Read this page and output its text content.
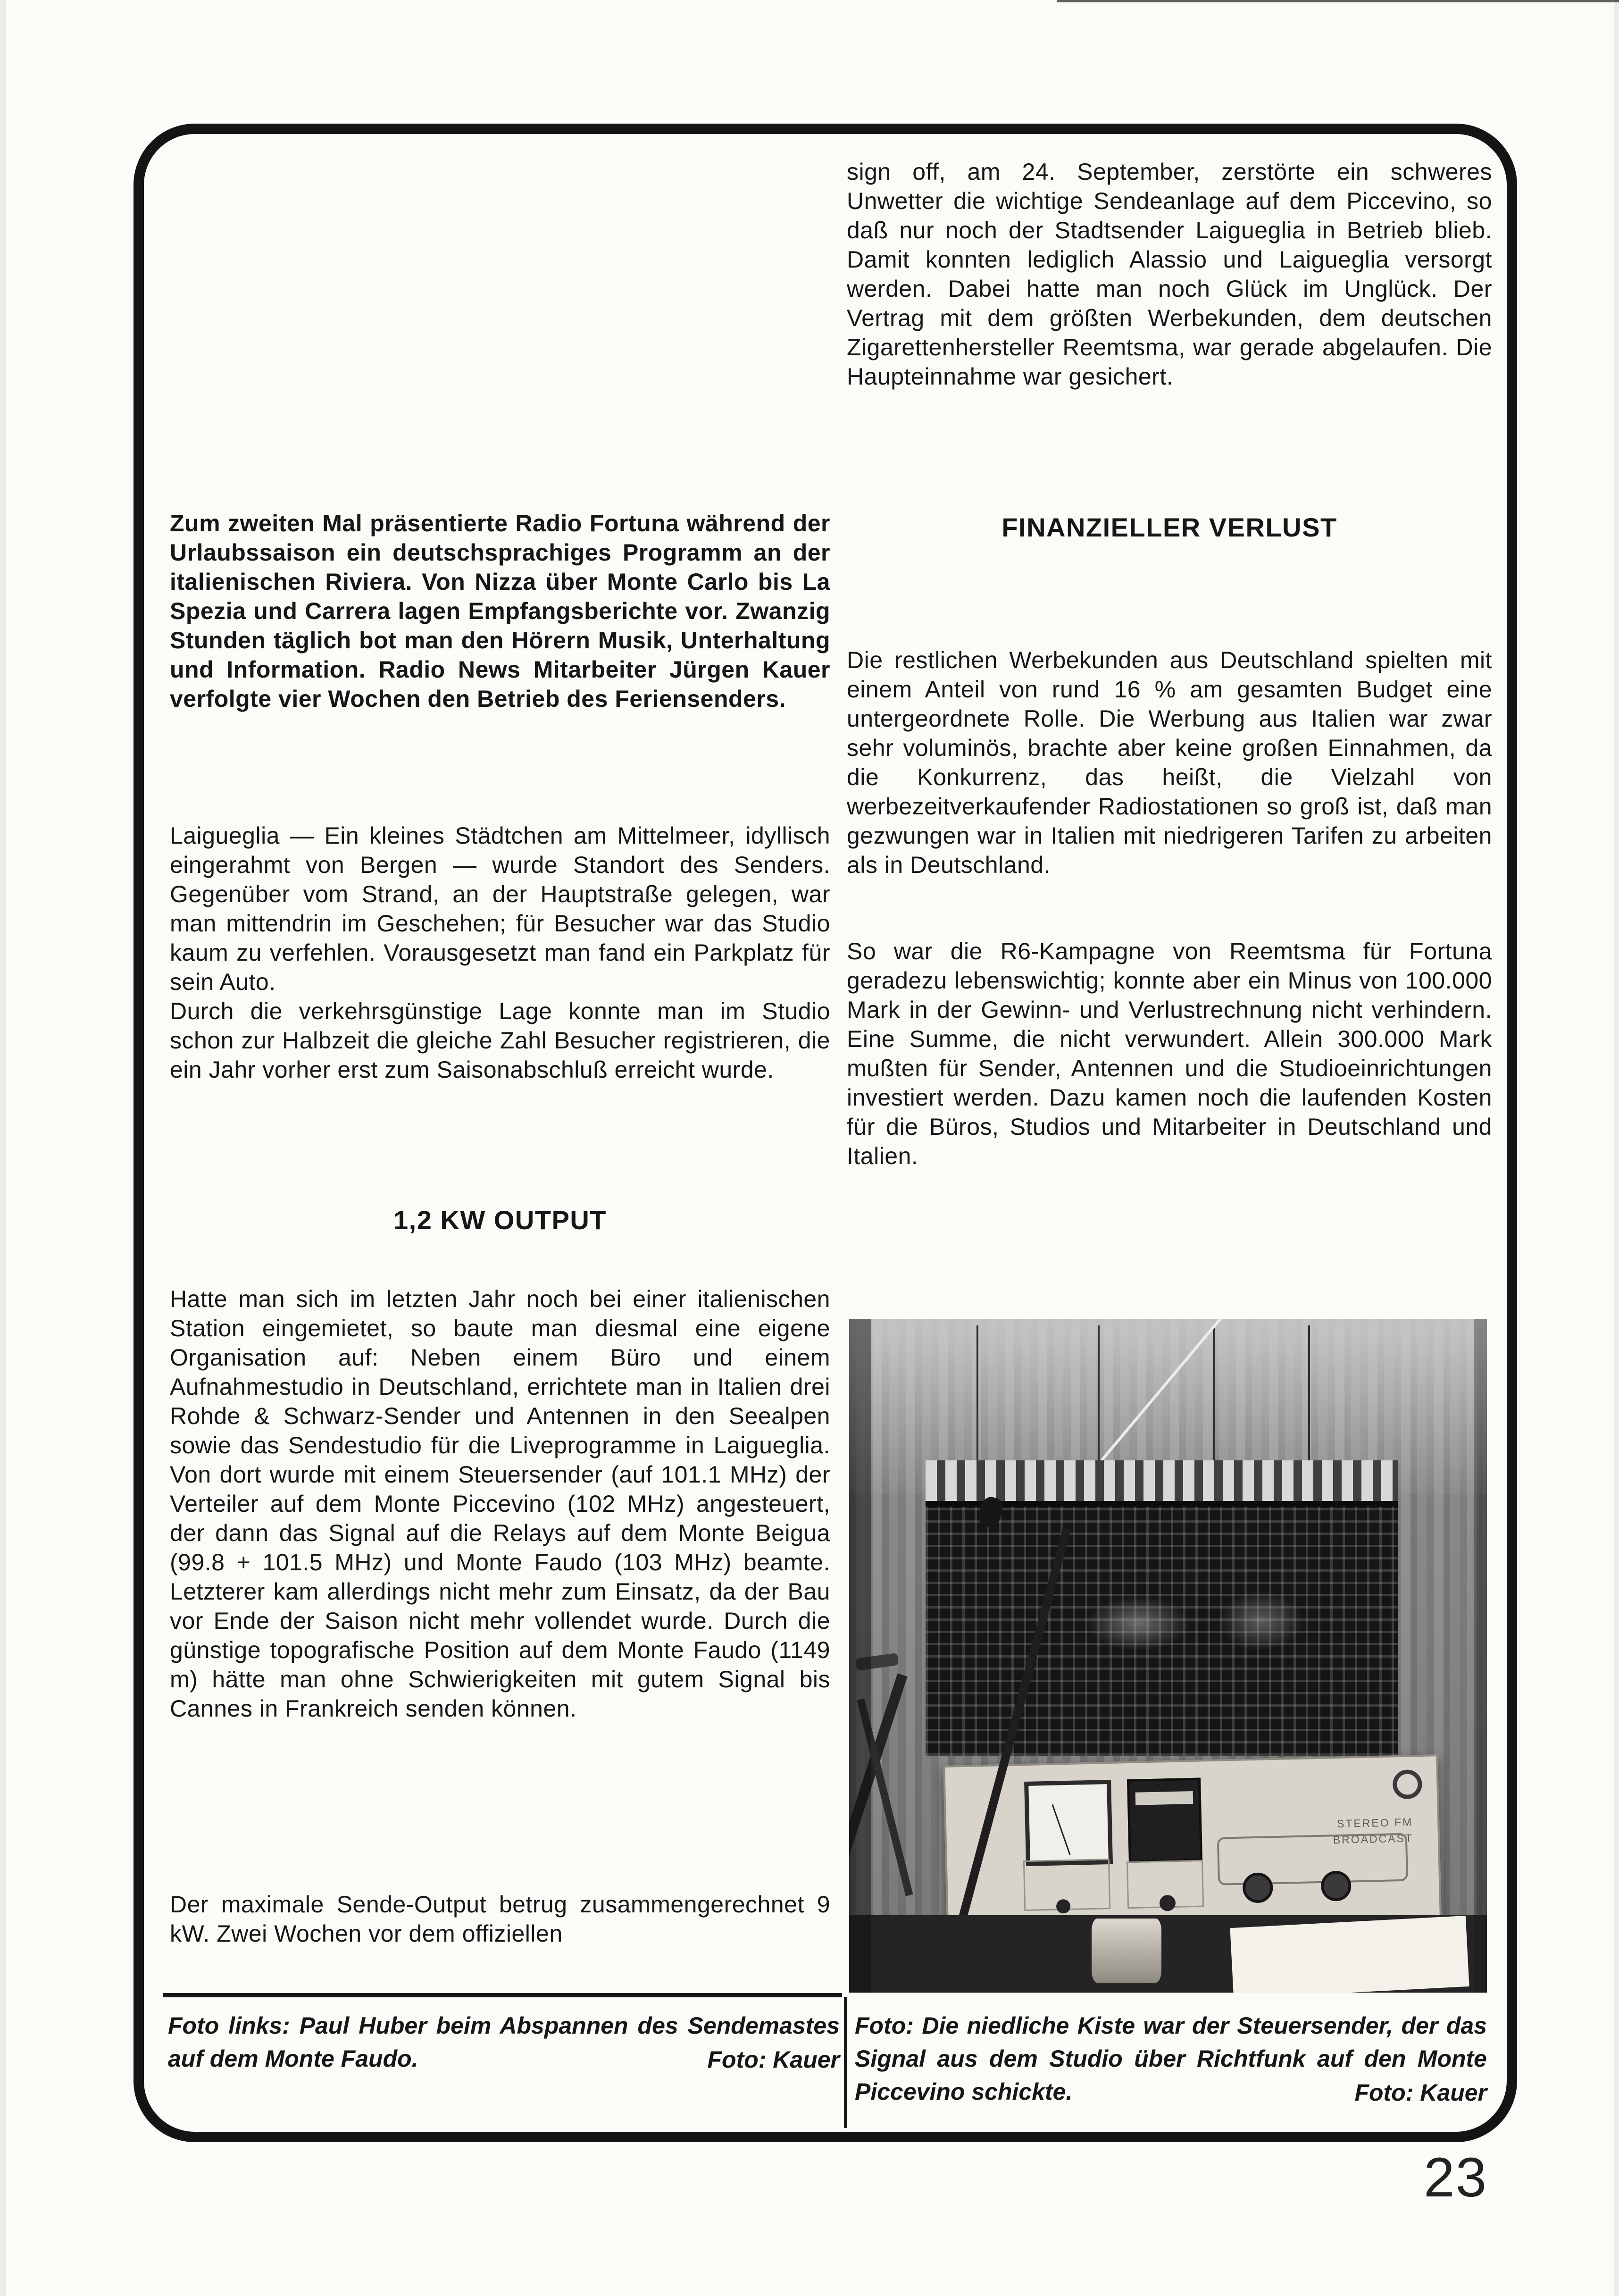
Zum zweiten Mal präsentierte Radio Fortuna während der Urlaubssaison ein deutschsprachiges Programm an der italienischen Riviera. Von Nizza über Monte Carlo bis La Spezia und Carrera lagen Empfangsberichte vor. Zwanzig Stunden täglich bot man den Hörern Musik, Unterhaltung und Information. Radio News Mitarbeiter Jürgen Kauer verfolgte vier Wochen den Betrieb des Feriensenders.

Laigueglia — Ein kleines Städtchen am Mittelmeer, idyllisch eingerahmt von Bergen — wurde Standort des Senders. Gegenüber vom Strand, an der Hauptstraße gelegen, war man mittendrin im Geschehen; für Besucher war das Studio kaum zu verfehlen. Vorausgesetzt man fand ein Parkplatz für sein Auto.

Durch die verkehrsgünstige Lage konnte man im Studio schon zur Halbzeit die gleiche Zahl Besucher registrieren, die ein Jahr vorher erst zum Saisonabschluß erreicht wurde.

1,2 KW OUTPUT
Hatte man sich im letzten Jahr noch bei einer italienischen Station eingemietet, so baute man diesmal eine eigene Organisation auf: Neben einem Büro und einem Aufnahmestudio in Deutschland, errichtete man in Italien drei Rohde & Schwarz-Sender und Antennen in den Seealpen sowie das Sendestudio für die Liveprogramme in Laigueglia. Von dort wurde mit einem Steuersender (auf 101.1 MHz) der Verteiler auf dem Monte Piccevino (102 MHz) angesteuert, der dann das Signal auf die Relays auf dem Monte Beigua (99.8 + 101.5 MHz) und Monte Faudo (103 MHz) beamte. Letzterer kam allerdings nicht mehr zum Einsatz, da der Bau vor Ende der Saison nicht mehr vollendet wurde. Durch die günstige topografische Position auf dem Monte Faudo (1149 m) hätte man ohne Schwierigkeiten mit gutem Signal bis Cannes in Frankreich senden können.
Der maximale Sende-Output betrug zusammengerechnet 9 kW. Zwei Wochen vor dem offiziellen
Foto links: Paul Huber beim Abspannen des Sendemastes auf dem Monte Faudo.	Foto: Kauer
sign off, am 24. September, zerstörte ein schweres Unwetter die wichtige Sendeanlage auf dem Piccevino, so daß nur noch der Stadtsender Laigueglia in Betrieb blieb. Damit konnten lediglich Alassio und Laigueglia versorgt werden. Dabei hatte man noch Glück im Unglück. Der Vertrag mit dem größten Werbekunden, dem deutschen Zigarettenhersteller Reemtsma, war gerade abgelaufen. Die Haupteinnahme war gesichert.
FINANZIELLER VERLUST
Die restlichen Werbekunden aus Deutschland spielten mit einem Anteil von rund 16 % am gesamten Budget eine untergeordnete Rolle. Die Werbung aus Italien war zwar sehr voluminös, brachte aber keine großen Einnahmen, da die Konkurrenz, das heißt, die Vielzahl von werbezeitverkaufender Radiostationen so groß ist, daß man gezwungen war in Italien mit niedrigeren Tarifen zu arbeiten als in Deutschland.
So war die R6-Kampagne von Reemtsma für Fortuna geradezu lebenswichtig; konnte aber ein Minus von 100.000 Mark in der Gewinn- und Verlustrechnung nicht verhindern. Eine Summe, die nicht verwundert. Allein 300.000 Mark mußten für Sender, Antennen und die Studioeinrichtungen investiert werden. Dazu kamen noch die laufenden Kosten für die Büros, Studios und Mitarbeiter in Deutschland und Italien.
STEREO FM
BROADCAST
Foto: Die niedliche Kiste war der Steuersender, der das Signal aus dem Studio über Richtfunk auf den Monte Piccevino schickte.	Foto: Kauer
23
